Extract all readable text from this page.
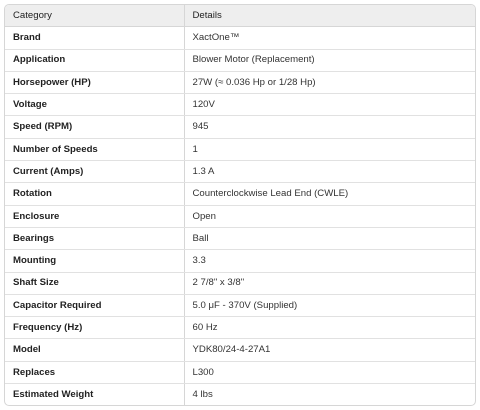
Category	Details
Brand	XactOne™
Application	Blower Motor (Replacement)
Horsepower (HP)	27W (≈ 0.036 Hp or 1/28 Hp)
Voltage	120V
Speed (RPM)	945
Number of Speeds	1
Current (Amps)	1.3 A
Rotation	Counterclockwise Lead End (CWLE)
Enclosure	Open
Bearings	Ball
Mounting	3.3
Shaft Size	2 7/8" x 3/8"
Capacitor Required	5.0 μF - 370V (Supplied)
Frequency (Hz)	60 Hz
Model	YDK80/24-4-27A1
Replaces	L300
Estimated Weight	4 lbs
